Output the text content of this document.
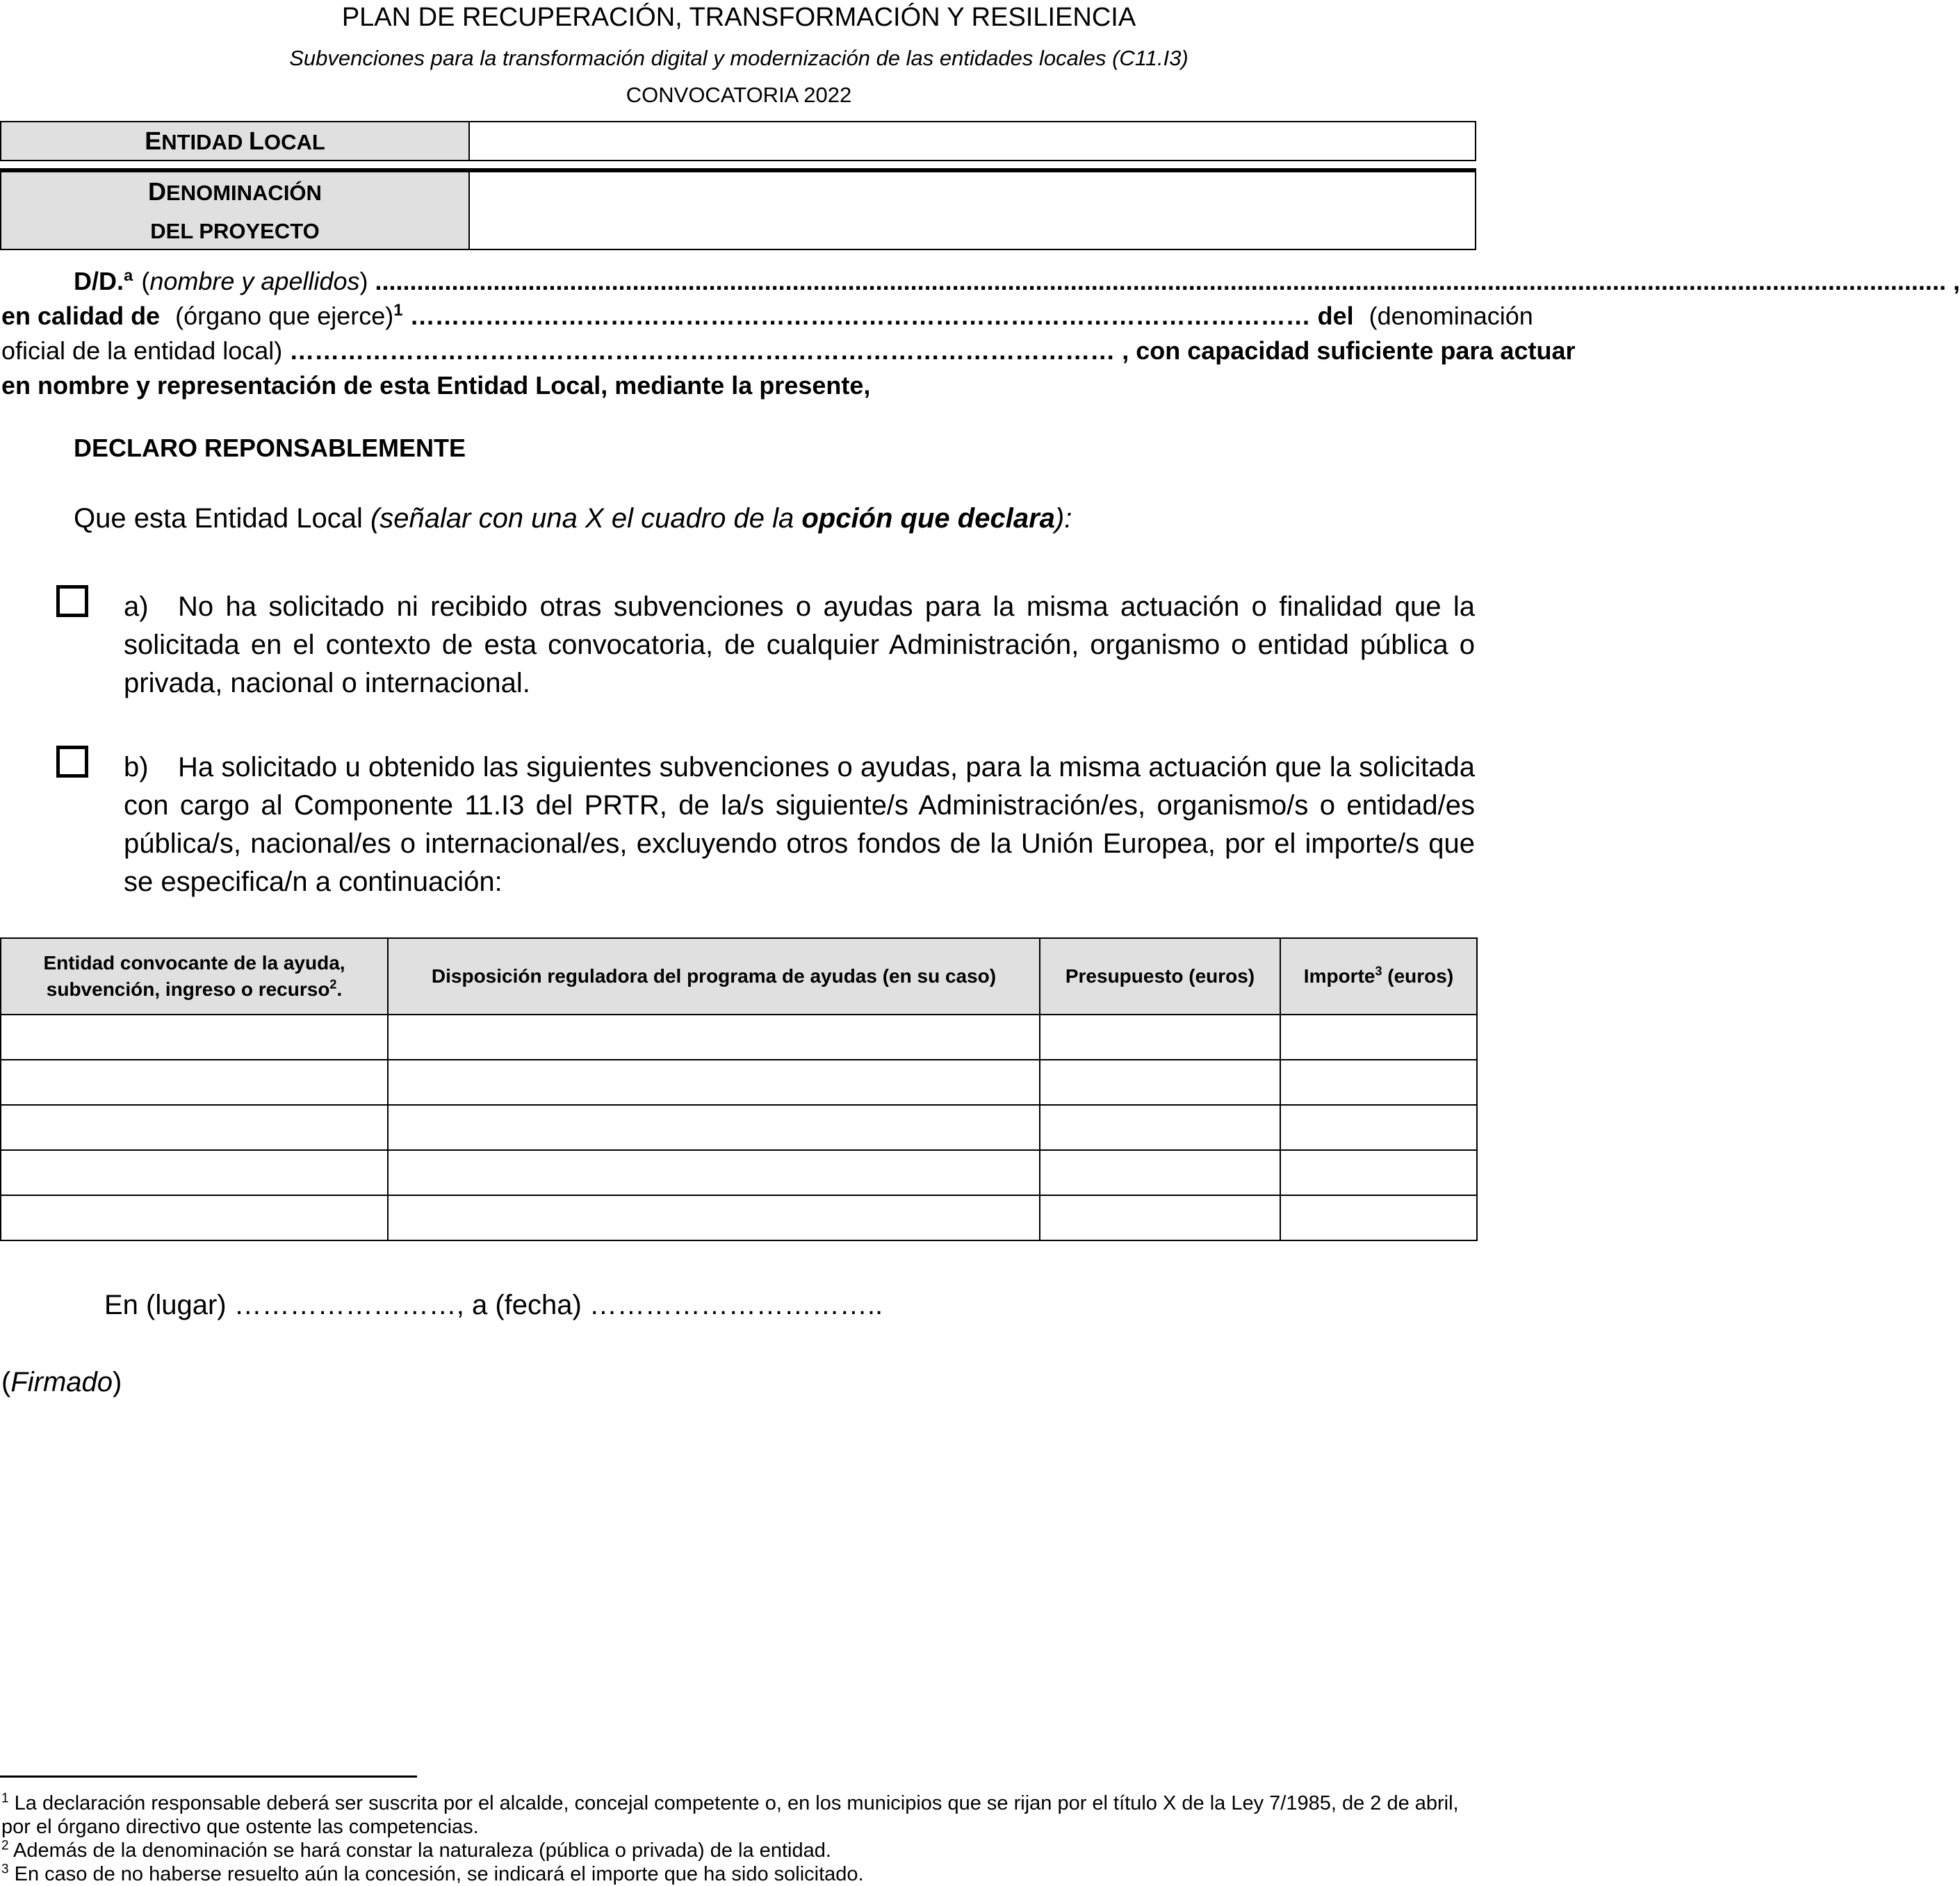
PLAN DE RECUPERACIÓN, TRANSFORMACIÓN Y RESILIENCIA
Subvenciones para la transformación digital y modernización de las entidades locales (C11.I3)
CONVOCATORIA 2022
ENTIDAD LOCAL
DENOMINACIÓN
DEL PROYECTO
D/D.ª (nombre y apellidos) .................................................................................................................................................................................................................................. ,
en calidad de (órgano que ejerce)$^1$ ……………………………………………………………………………………………… del (denominación
oficial de la entidad local) ……………………………………………………………………………………… , con capacidad suficiente para actuar
en nombre y representación de esta Entidad Local, mediante la presente,
DECLARO REPONSABLEMENTE
Que esta Entidad Local (señalar con una X el cuadro de la opción que declara):
a) No ha solicitado ni recibido otras subvenciones o ayudas para la misma actuación o finalidad que la solicitada en el contexto de esta convocatoria, de cualquier Administración, organismo o entidad pública o privada, nacional o internacional.
b) Ha solicitado u obtenido las siguientes subvenciones o ayudas, para la misma actuación que la solicitada con cargo al Componente 11.I3 del PRTR, de la/s siguiente/s Administración/es, organismo/s o entidad/es pública/s, nacional/es o internacional/es, excluyendo otros fondos de la Unión Europea, por el importe/s que se especifica/n a continuación:
Entidad convocante de la ayuda, subvención, ingreso o recurso$^2$.	Disposición reguladora del programa de ayudas (en su caso)	Presupuesto (euros)	Importe$^3$ (euros)

En (lugar) ……………………, a (fecha) …………………………..
(Firmado)
$^1$ La declaración responsable deberá ser suscrita por el alcalde, concejal competente o, en los municipios que se rijan por el título X de la Ley 7/1985, de 2 de abril, por el órgano directivo que ostente las competencias.
$^2$ Además de la denominación se hará constar la naturaleza (pública o privada) de la entidad.
$^3$ En caso de no haberse resuelto aún la concesión, se indicará el importe que ha sido solicitado.
